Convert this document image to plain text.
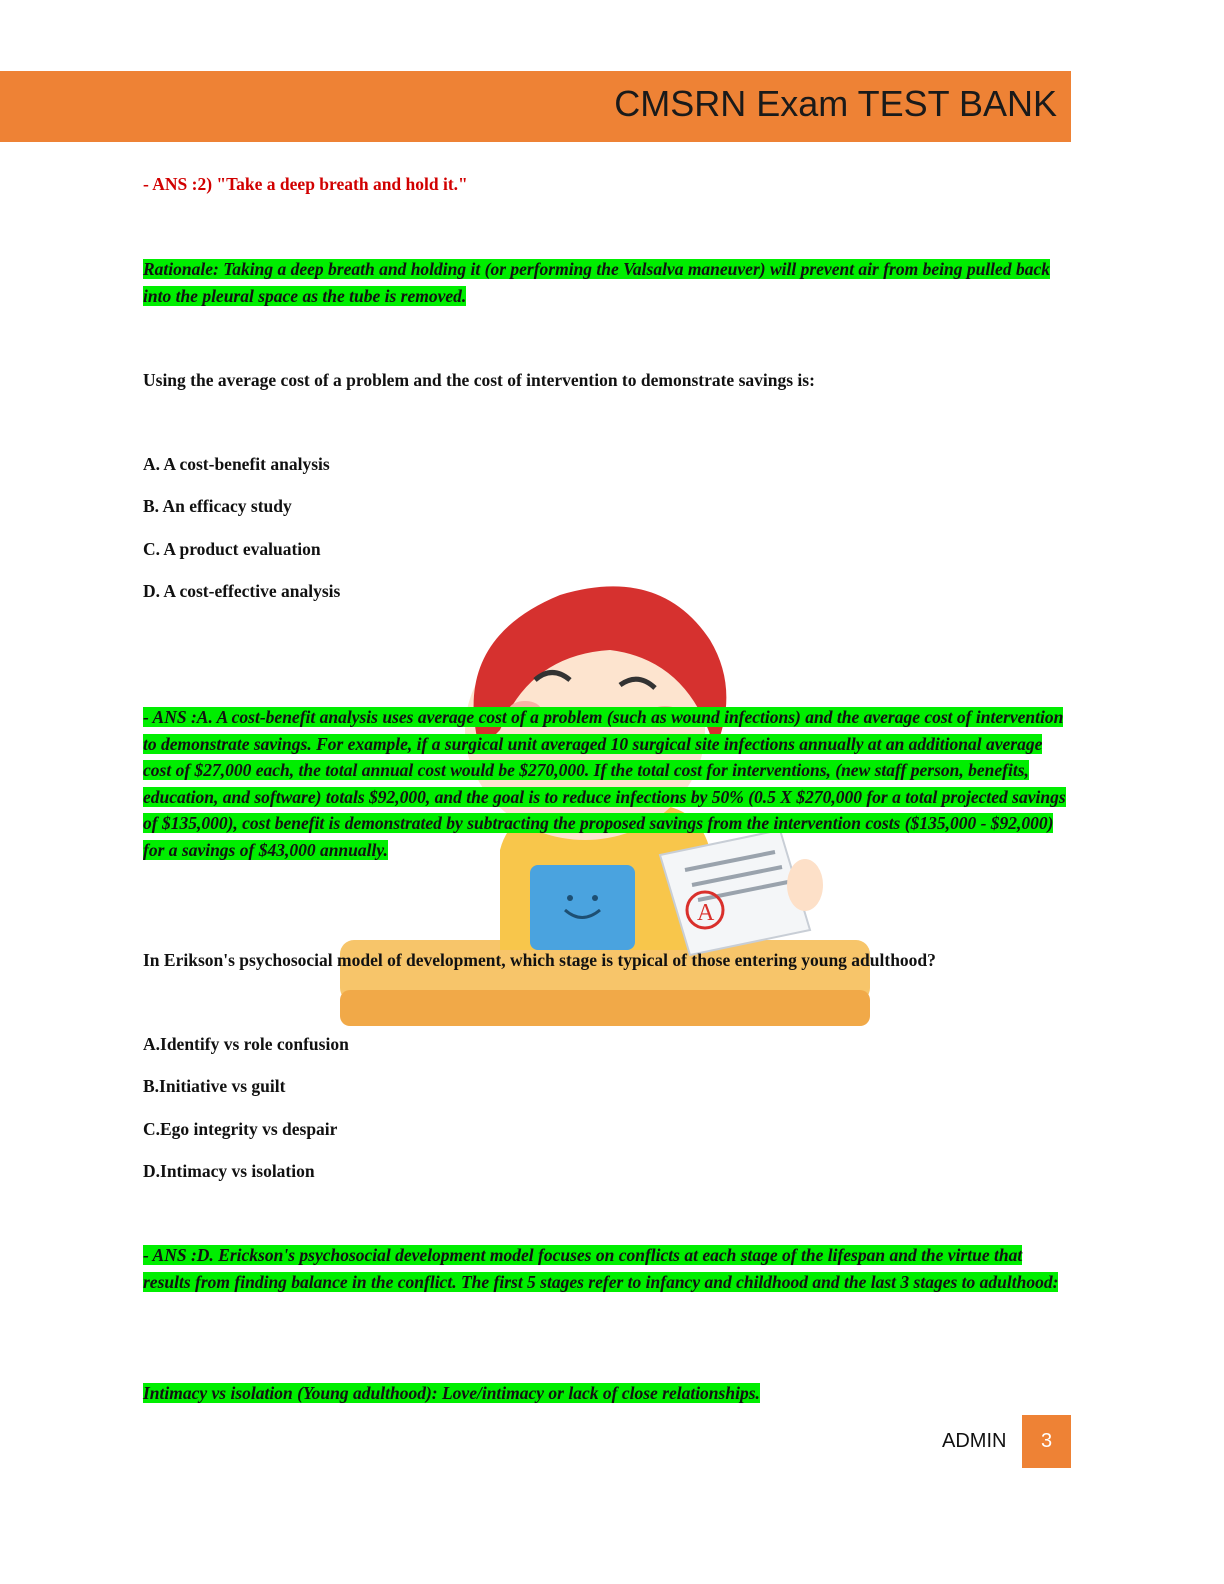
CMSRN Exam TEST BANK
A
- ANS :2) "Take a deep breath and hold it."
Rationale: Taking a deep breath and holding it (or performing the Valsalva maneuver) will prevent air from being pulled back into the pleural space as the tube is removed.
Using the average cost of a problem and the cost of intervention to demonstrate savings is:
A. A cost-benefit analysis
B. An efficacy study
C. A product evaluation
D. A cost-effective analysis
- ANS :A. A cost-benefit analysis uses average cost of a problem (such as wound infections) and the average cost of intervention to demonstrate savings. For example, if a surgical unit averaged 10 surgical site infections annually at an additional average cost of $27,000 each, the total annual cost would be $270,000. If the total cost for interventions, (new staff person, benefits, education, and software) totals $92,000, and the goal is to reduce infections by 50% (0.5 X $270,000 for a total projected savings of $135,000), cost benefit is demonstrated by subtracting the proposed savings from the intervention costs ($135,000 - $92,000) for a savings of $43,000 annually.
In Erikson's psychosocial model of development, which stage is typical of those entering young adulthood?
A.Identify vs role confusion
B.Initiative vs guilt
C.Ego integrity vs despair
D.Intimacy vs isolation
- ANS :D. Erickson's psychosocial development model focuses on conflicts at each stage of the lifespan and the virtue that results from finding balance in the conflict. The first 5 stages refer to infancy and childhood and the last 3 stages to adulthood:
Intimacy vs isolation (Young adulthood): Love/intimacy or lack of close relationships.
ADMIN	3
